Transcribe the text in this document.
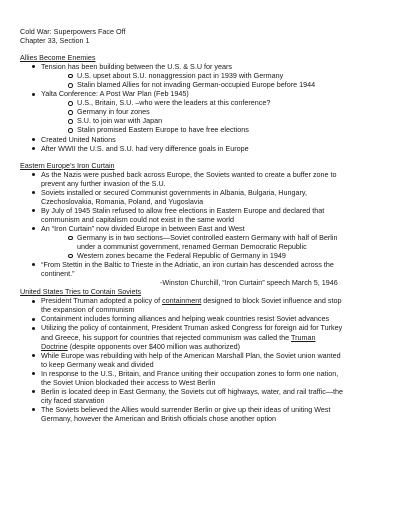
Cold War: Superpowers Face Off
Chapter 33, Section 1
Allies Become Enemies
Tension has been building between the U.S. & S.U for years
U.S. upset about S.U. nonaggression pact in 1939 with Germany
Stalin blamed Allies for not invading German-occupied Europe before 1944
Yalta Conference: A Post War Plan (Feb 1945)
U.S., Britain, S.U. –who were the leaders at this conference?
Germany in four zones
S.U. to join war with Japan
Stalin promised Eastern Europe to have free elections
Created United Nations
After WWII the U.S. and S.U. had very difference goals in Europe
Eastern Europe’s Iron Curtain
As the Nazis were pushed back across Europe, the Soviets wanted to create a buffer zone to
prevent any further invasion of the S.U.
Soviets installed or secured Communist governments in Albania, Bulgaria, Hungary,
Czechoslovakia, Romania, Poland, and Yugoslavia
By July of 1945 Stalin refused to allow free elections in Eastern Europe and declared that
communism and capitalism could not exist in the same world
An “Iron Curtain” now divided Europe in between East and West
Germany is in two sections—Soviet controlled eastern Germany with half of Berlin
under a communist government, renamed German Democratic Republic
Western zones became the Federal Republic of Germany in 1949
“From Stettin in the Baltic to Trieste in the Adriatic, an iron curtain has descended across the
continent.”
-Winston Churchill, “Iron Curtain” speech March 5, 1946
United States Tries to Contain Soviets
President Truman adopted a policy of containment designed to block Soviet influence and stop
the expansion of communism
Containment includes forming alliances and helping weak countries resist Soviet advances
Utilizing the policy of containment, President Truman asked Congress for foreign aid for Turkey
and Greece, his support for countries that rejected communism was called the Truman
Doctrine (despite opponents over $400 million was authorized)
While Europe was rebuilding with help of the American Marshall Plan, the Soviet union wanted
to keep Germany weak and divided
In response to the U.S., Britain, and France uniting their occupation zones to form one nation,
the Soviet Union blockaded their access to West Berlin
Berlin is located deep in East Germany, the Soviets cut off highways, water, and rail traffic—the
city faced starvation
The Soviets believed the Allies would surrender Berlin or give up their ideas of uniting West
Germany, however the American and British officials chose another option
